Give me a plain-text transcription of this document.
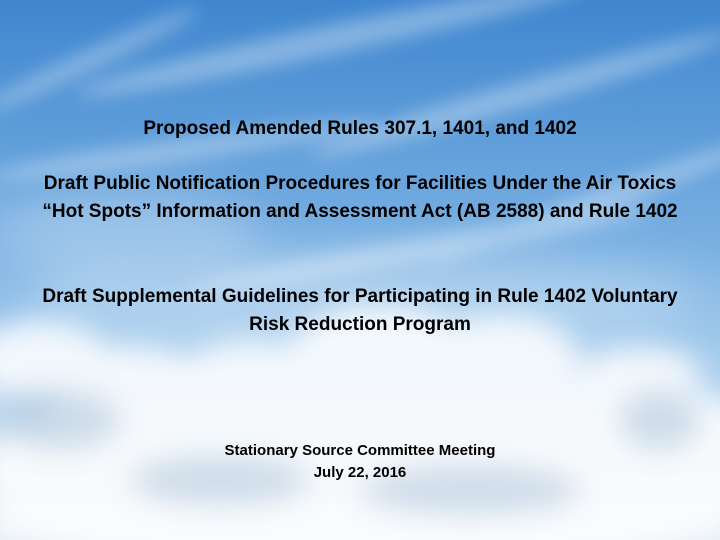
Proposed Amended Rules 307.1, 1401, and 1402
Draft Public Notification Procedures for Facilities Under the Air Toxics “Hot Spots” Information and Assessment Act (AB 2588) and Rule 1402
Draft Supplemental Guidelines for Participating in Rule 1402 Voluntary Risk Reduction Program
Stationary Source Committee Meeting
July 22, 2016
